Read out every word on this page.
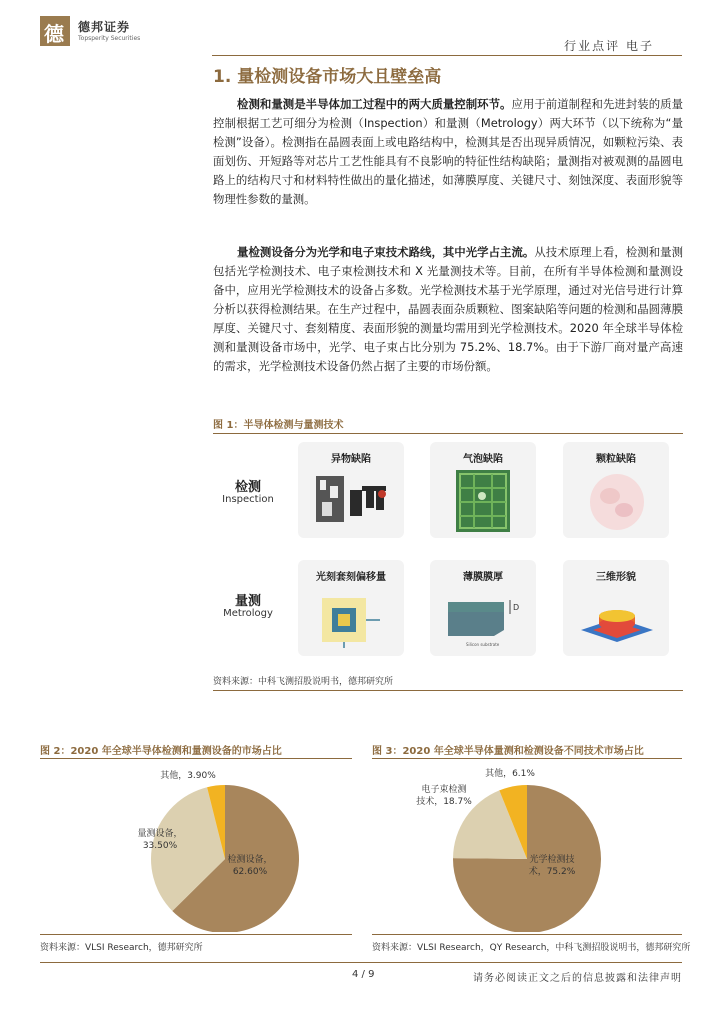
德 德邦证券
Topsperity Securities
行业点评 电子
1. 量检测设备市场大且壁垒高
检测和量测是半导体加工过程中的两大质量控制环节。应用于前道制程和先进封装的质量控制根据工艺可细分为检测（Inspection）和量测（Metrology）两大环节（以下统称为“量检测”设备）。检测指在晶圆表面上或电路结构中，检测其是否出现异质情况，如颗粒污染、表面划伤、开短路等对芯片工艺性能具有不良影响的特征性结构缺陷；量测指对被观测的晶圆电路上的结构尺寸和材料特性做出的量化描述，如薄膜厚度、关键尺寸、刻蚀深度、表面形貌等物理性参数的量测。
量检测设备分为光学和电子束技术路线，其中光学占主流。从技术原理上看，检测和量测包括光学检测技术、电子束检测技术和 X 光量测技术等。目前，在所有半导体检测和量测设备中，应用光学检测技术的设备占多数。光学检测技术基于光学原理，通过对光信号进行计算分析以获得检测结果。在生产过程中，晶圆表面杂质颗粒、图案缺陷等问题的检测和晶圆薄膜厚度、关键尺寸、套刻精度、表面形貌的测量均需用到光学检测技术。2020 年全球半导体检测和量测设备市场中，光学、电子束占比分别为 75.2%、18.7%。由于下游厂商对量产高速的需求，光学检测技术设备仍然占据了主要的市场份额。
图 1：半导体检测与量测技术
检测
Inspection
量测
Metrology
异物缺陷	气泡缺陷	颗粒缺陷
光刻套刻偏移量	薄膜膜厚
D
Silicon substrate
三维形貌
资料来源：中科飞测招股说明书，德邦研究所
图 2：2020 年全球半导体检测和量测设备的市场占比	图 3：2020 年全球半导体量测和检测设备不同技术市场占比
检测设备， 62.60%
量测设备， 33.50%
其他，3.90%
光学检测技术，75.2%
电子束检测技术，18.7%
其他，6.1%
资料来源：VLSI Research，德邦研究所	资料来源：VLSI Research，QY Research，中科飞测招股说明书，德邦研究所
4 / 9	请务必阅读正文之后的信息披露和法律声明
